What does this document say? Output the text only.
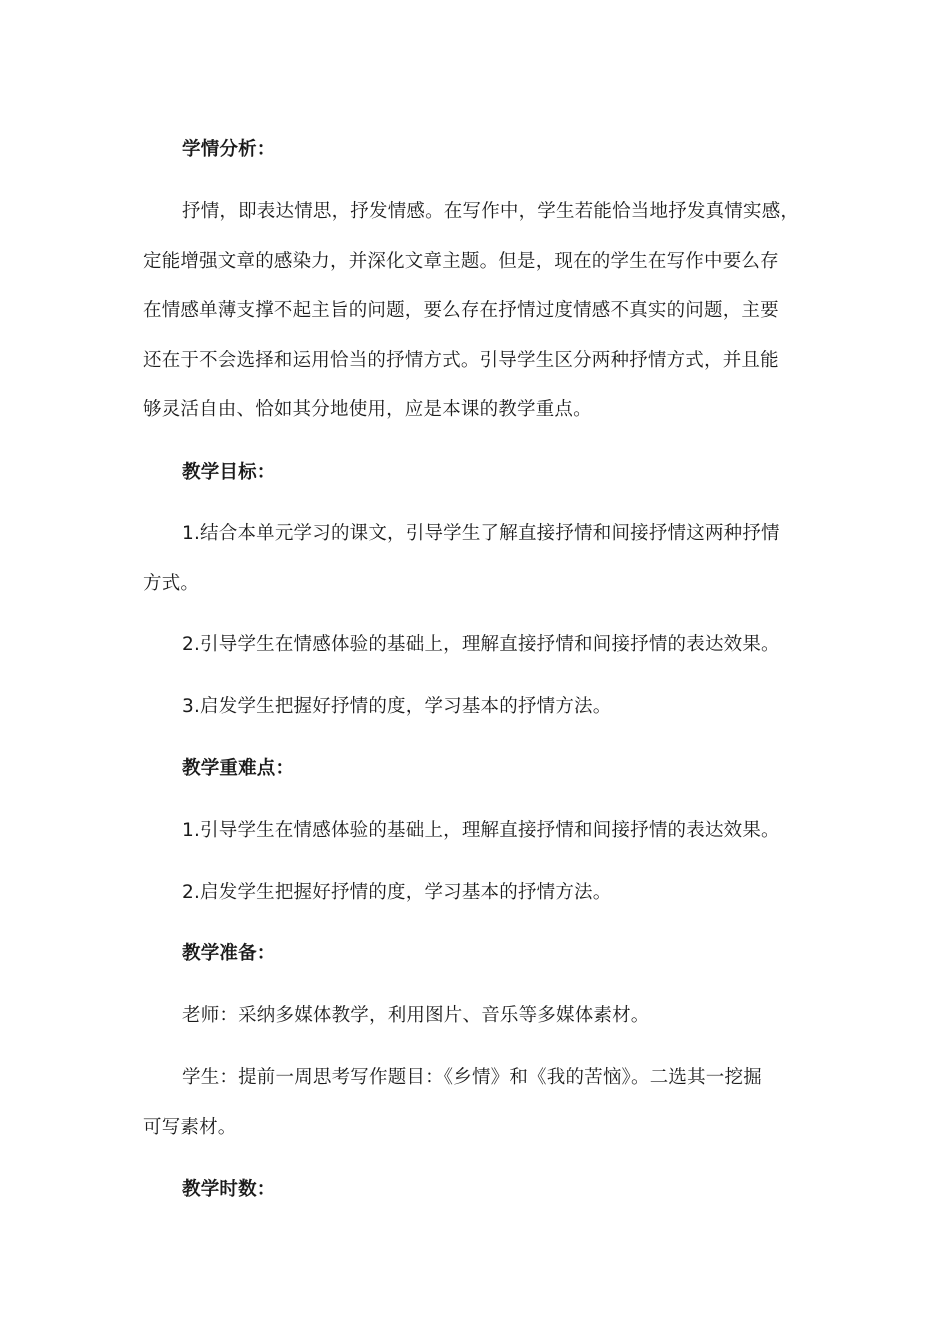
学情分析：
抒情，即表达情思，抒发情感。在写作中，学生若能恰当地抒发真情实感，
定能增强文章的感染力，并深化文章主题。但是，现在的学生在写作中要么存
在情感单薄支撑不起主旨的问题，要么存在抒情过度情感不真实的问题，主要
还在于不会选择和运用恰当的抒情方式。引导学生区分两种抒情方式，并且能
够灵活自由、恰如其分地使用，应是本课的教学重点。
教学目标：
1.结合本单元学习的课文，引导学生了解直接抒情和间接抒情这两种抒情
方式。
2.引导学生在情感体验的基础上，理解直接抒情和间接抒情的表达效果。
3.启发学生把握好抒情的度，学习基本的抒情方法。
教学重难点：
1.引导学生在情感体验的基础上，理解直接抒情和间接抒情的表达效果。
2.启发学生把握好抒情的度，学习基本的抒情方法。
教学准备：
老师：采纳多媒体教学，利用图片、音乐等多媒体素材。
学生：提前一周思考写作题目：《乡情》和《我的苦恼》。二选其一挖掘
可写素材。
教学时数：
